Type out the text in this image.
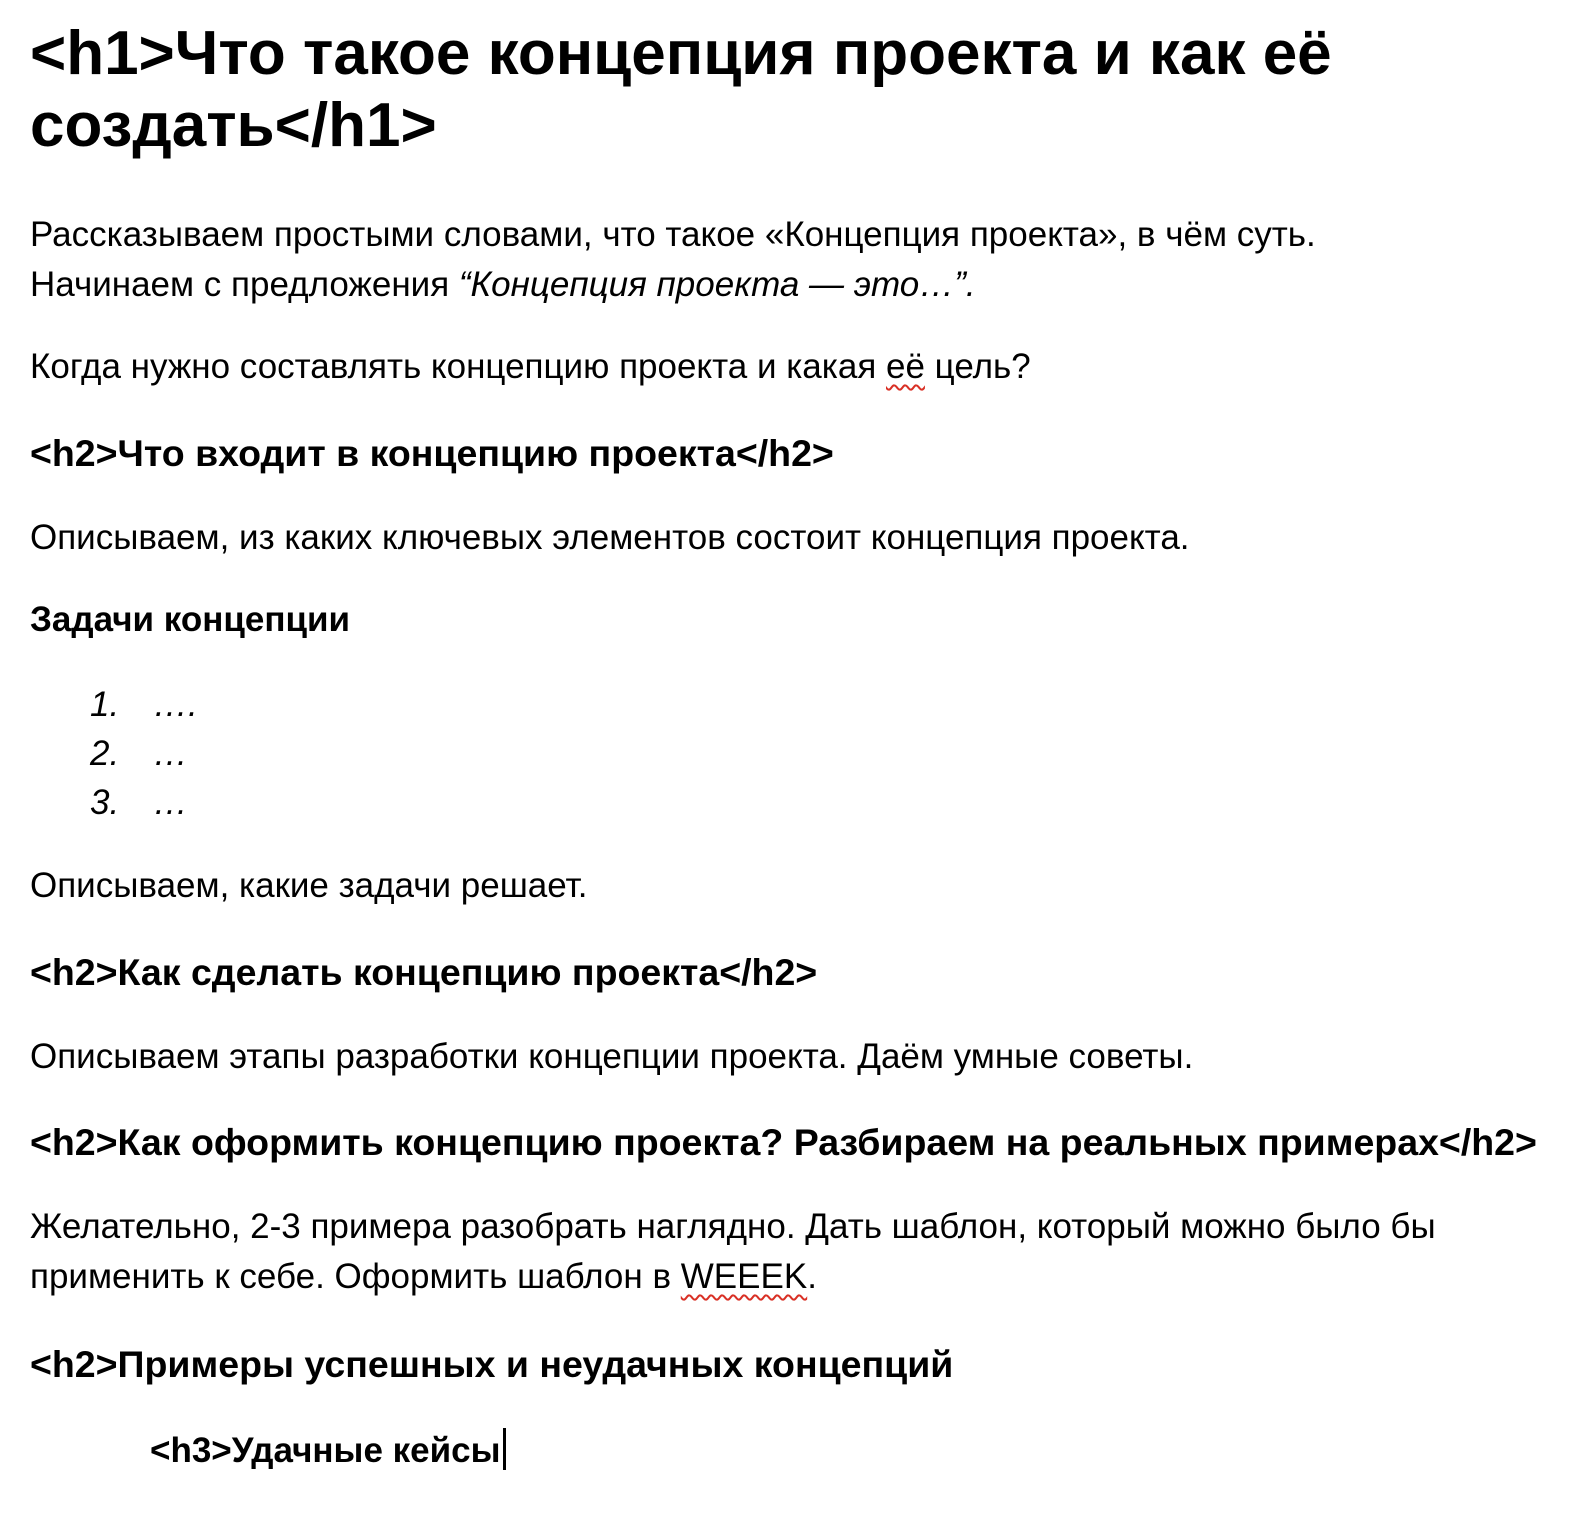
<h1>Что такое концепция проекта и как её создать</h1>

Рассказываем простыми словами, что такое «Концепция проекта», в чём суть.
Начинаем с предложения “Концепция проекта — это…”.

Когда нужно составлять концепцию проекта и какая её цель?

<h2>Что входит в концепцию проекта</h2>

Описываем, из каких ключевых элементов состоит концепция проекта.

Задачи концепции
1. ….
2. …
3. …

Описываем, какие задачи решает.

<h2>Как сделать концепцию проекта</h2>

Описываем этапы разработки концепции проекта. Даём умные советы.

<h2>Как оформить концепцию проекта? Разбираем на реальных примерах</h2>

Желательно, 2-3 примера разобрать наглядно. Дать шаблон, который можно было бы
применить к себе. Оформить шаблон в WEEEK.

<h2>Примеры успешных и неудачных концепций
<h3>Удачные кейсы
